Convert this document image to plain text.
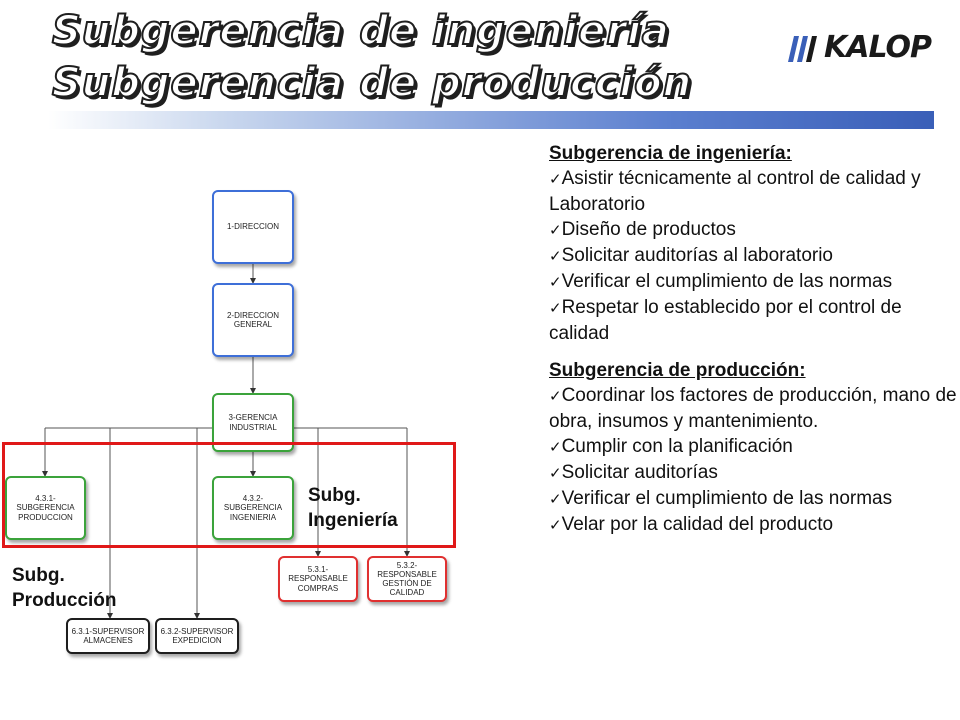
Subgerencia de ingeniería
Subgerencia de producción
KALOP
1-DIRECCION
2-DIRECCION
GENERAL
3-GERENCIA
INDUSTRIAL
4.3.1-
SUBGERENCIA
PRODUCCION
4.3.2-
SUBGERENCIA
INGENIERIA
5.3.1-
RESPONSABLE
COMPRAS
5.3.2-
RESPONSABLE
GESTIÓN DE
CALIDAD
6.3.1-SUPERVISOR
ALMACENES
6.3.2-SUPERVISOR
EXPEDICION
Subg.
Ingeniería
Subg.
Producción
Subgerencia de ingeniería:
✓ Asistir técnicamente al control de calidad y Laboratorio
✓ Diseño de productos
✓ Solicitar auditorías al laboratorio
✓ Verificar el cumplimiento de las normas
✓ Respetar lo establecido por el control de calidad
Subgerencia de producción:
✓ Coordinar los factores de producción, mano de obra, insumos y mantenimiento.
✓ Cumplir con la planificación
✓ Solicitar auditorías
✓ Verificar el cumplimiento de las normas
✓ Velar por la calidad del producto
